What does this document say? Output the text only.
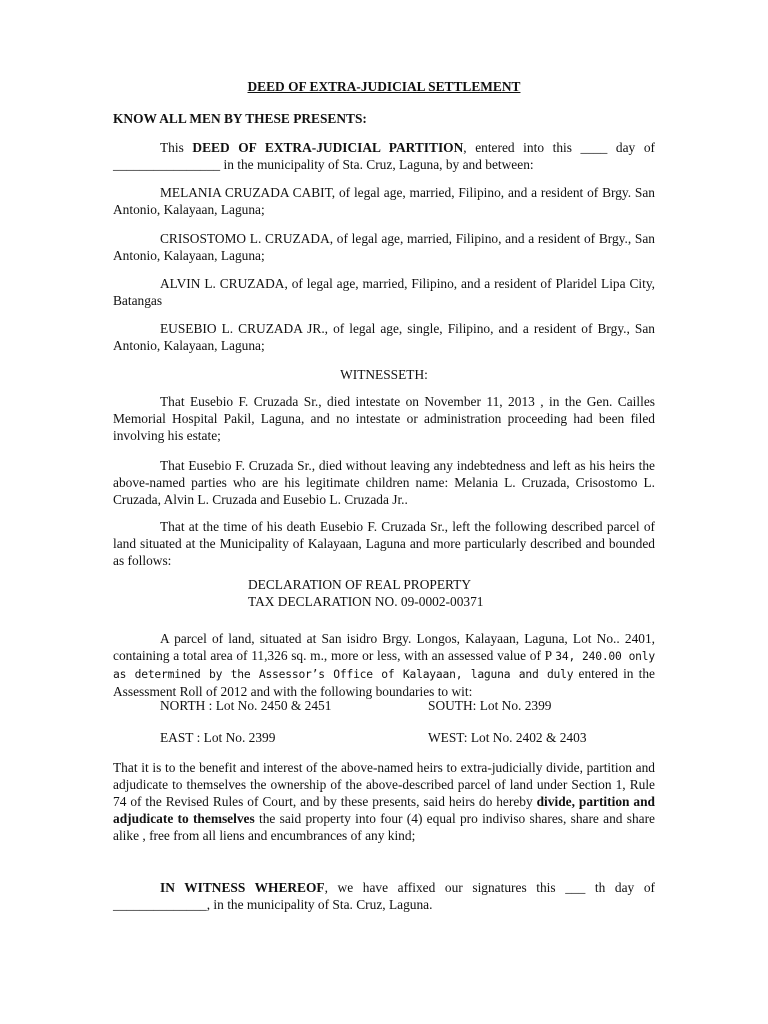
DEED OF EXTRA-JUDICIAL SETTLEMENT

KNOW ALL MEN BY THESE PRESENTS:

This DEED OF EXTRA-JUDICIAL PARTITION, entered into this ____ day of ________________ in the municipality of Sta. Cruz, Laguna, by and between:

MELANIA CRUZADA CABIT, of legal age, married, Filipino, and a resident of Brgy. San Antonio, Kalayaan, Laguna;

CRISOSTOMO L. CRUZADA, of legal age, married, Filipino, and a resident of Brgy., San Antonio, Kalayaan, Laguna;

ALVIN L. CRUZADA, of legal age, married, Filipino, and a resident of Plaridel Lipa City, Batangas

EUSEBIO L. CRUZADA JR., of legal age, single, Filipino, and a resident of Brgy., San Antonio, Kalayaan, Laguna;

WITNESSETH:

That Eusebio F. Cruzada Sr., died intestate on November 11, 2013 , in the Gen. Cailles Memorial Hospital Pakil, Laguna, and no intestate or administration proceeding had been filed involving his estate;

That Eusebio F. Cruzada Sr., died without leaving any indebtedness and left as his heirs the above-named parties who are his legitimate children name: Melania L. Cruzada, Crisostomo L. Cruzada, Alvin L. Cruzada and Eusebio L. Cruzada Jr..

That at the time of his death Eusebio F. Cruzada Sr., left the following described parcel of land situated at the Municipality of Kalayaan, Laguna and more particularly described and bounded as follows:

DECLARATION OF REAL PROPERTY
TAX DECLARATION NO. 09-0002-00371

A parcel of land, situated at San isidro Brgy. Longos, Kalayaan, Laguna, Lot No.. 2401, containing a total area of 11,326 sq. m., more or less, with an assessed value of P 34, 240.00 only as determined by the Assessor’s Office of Kalayaan, laguna and duly entered in the Assessment Roll of 2012 and with the following boundaries to wit:

NORTH : Lot No. 2450 & 2451	SOUTH: Lot No. 2399
EAST : Lot No. 2399	WEST: Lot No. 2402 & 2403

That it is to the benefit and interest of the above-named heirs to extra-judicially divide, partition and adjudicate to themselves the ownership of the above-described parcel of land under Section 1, Rule 74 of the Revised Rules of Court, and by these presents, said heirs do hereby divide, partition and adjudicate to themselves the said property into four (4) equal pro indiviso shares, share and share alike , free from all liens and encumbrances of any kind;

IN WITNESS WHEREOF, we have affixed our signatures this ___ th day of ______________, in the municipality of Sta. Cruz, Laguna.
